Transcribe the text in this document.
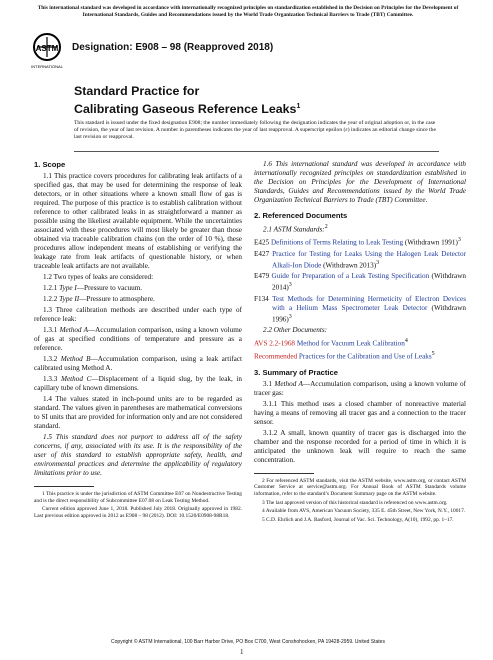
This international standard was developed in accordance with internationally recognized principles on standardization established in the Decision on Principles for the Development of International Standards, Guides and Recommendations issued by the World Trade Organization Technical Barriers to Trade (TBT) Committee.
ASTM
INTERNATIONAL
Designation: E908 – 98 (Reapproved 2018)
Standard Practice for
Calibrating Gaseous Reference Leaks$^1$
This standard is issued under the fixed designation E908; the number immediately following the designation indicates the year of original adoption or, in the case of revision, the year of last revision. A number in parentheses indicates the year of last reapproval. A superscript epsilon (ε) indicates an editorial change since the last revision or reapproval.
1. Scope

1.1 This practice covers procedures for calibrating leak artifacts of a specified gas, that may be used for determining the response of leak detectors, or in other situations where a known small flow of gas is required. The purpose of this practice is to establish calibration without reference to other calibrated leaks in as straightforward a manner as possible using the likeliest available equipment. While the uncertainties associated with these procedures will most likely be greater than those obtained via traceable calibration chains (on the order of 10 %), these procedures allow independent means of establishing or verifying the leakage rate from leak artifacts of questionable history, or when traceable leak artifacts are not available.

1.2 Two types of leaks are considered:

1.2.1 Type I—Pressure to vacuum.

1.2.2 Type II—Pressure to atmosphere.

1.3 Three calibration methods are described under each type of reference leak:

1.3.1 Method A—Accumulation comparison, using a known volume of gas at specified conditions of temperature and pressure as a reference.

1.3.2 Method B—Accumulation comparison, using a leak artifact calibrated using Method A.

1.3.3 Method C—Displacement of a liquid slug, by the leak, in capillary tube of known dimensions.

1.4 The values stated in inch-pound units are to be regarded as standard. The values given in parentheses are mathematical conversions to SI units that are provided for information only and are not considered standard.

1.5 This standard does not purport to address all of the safety concerns, if any, associated with its use. It is the responsibility of the user of this standard to establish appropriate safety, health, and environmental practices and determine the applicability of regulatory limitations prior to use.

1 This practice is under the jurisdiction of ASTM Committee E07 on Nondestructive Testing and is the direct responsibility of Subcommittee E07.08 on Leak Testing Method.

Current edition approved June 1, 2018. Published July 2018. Originally approved in 1982. Last previous edition approved in 2012 as E908 – 98 (2012). DOI: 10.1520/E0908-98R18.

1.6 This international standard was developed in accordance with internationally recognized principles on standardization established in the Decision on Principles for the Development of International Standards, Guides and Recommendations issued by the World Trade Organization Technical Barriers to Trade (TBT) Committee.

2. Referenced Documents

2.1 ASTM Standards:$^2$

E425 Definitions of Terms Relating to Leak Testing (Withdrawn 1991)$^3$

E427 Practice for Testing for Leaks Using the Halogen Leak Detector Alkali-Ion Diode (Withdrawn 2013)$^3$

E479 Guide for Preparation of a Leak Testing Specification (Withdrawn 2014)$^3$

F134 Test Methods for Determining Hermeticity of Electron Devices with a Helium Mass Spectrometer Leak Detector (Withdrawn 1996)$^3$

2.2 Other Documents:

AVS 2.2-1968 Method for Vacuum Leak Calibration$^4$

Recommended Practices for the Calibration and Use of Leaks$^5$

3. Summary of Practice

3.1 Method A—Accumulation comparison, using a known volume of tracer gas:

3.1.1 This method uses a closed chamber of nonreactive material having a means of removing all tracer gas and a connection to the tracer sensor.

3.1.2 A small, known quantity of tracer gas is discharged into the chamber and the response recorded for a period of time in which it is anticipated the unknown leak will require to reach the same concentration.

2 For referenced ASTM standards, visit the ASTM website, www.astm.org, or contact ASTM Customer Service at service@astm.org. For Annual Book of ASTM Standards volume information, refer to the standard’s Document Summary page on the ASTM website.

3 The last approved version of this historical standard is referenced on www.astm.org.

4 Available from AVS, American Vacuum Society, 335 E. 45th Street, New York, N.Y., 10017.

5 C.D. Ehrlich and J.A. Basford, Journal of Vac. Sci. Technology, A(10), 1992, pp. 1–17.

Copyright © ASTM International, 100 Barr Harbor Drive, PO Box C700, West Conshohocken, PA 19428-2959. United States
1
